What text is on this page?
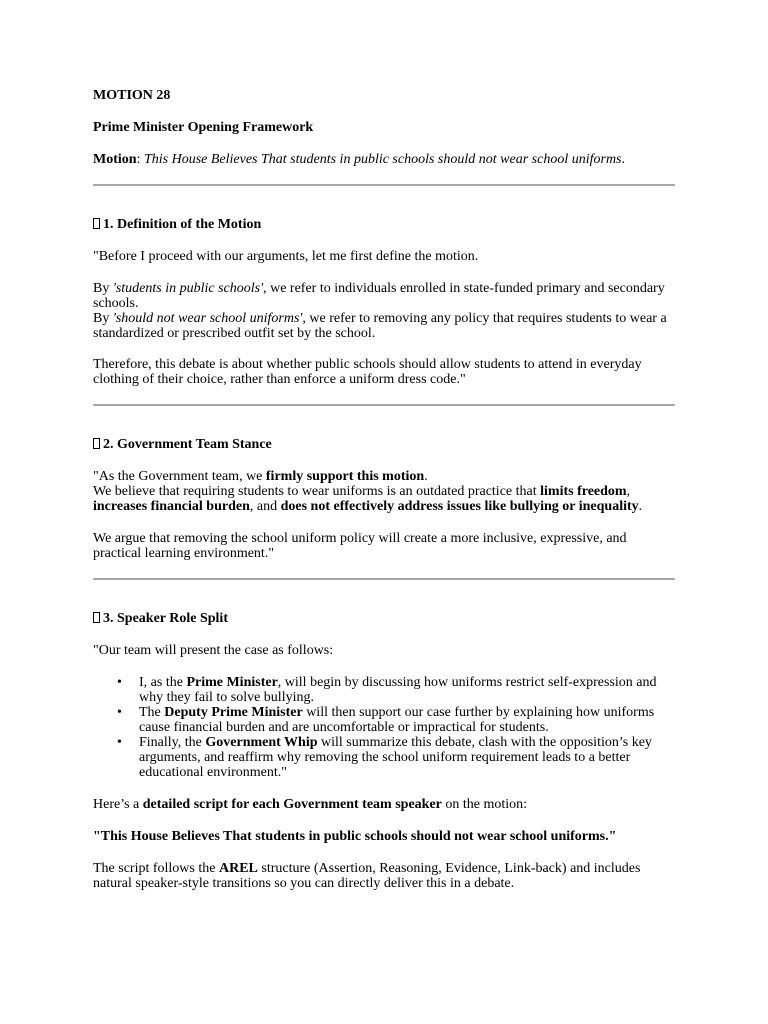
MOTION 28

Prime Minister Opening Framework

Motion: This House Believes That students in public schools should not wear school uniforms.

1. Definition of the Motion

"Before I proceed with our arguments, let me first define the motion.

By 'students in public schools', we refer to individuals enrolled in state-funded primary and secondary schools.

By 'should not wear school uniforms', we refer to removing any policy that requires students to wear a standardized or prescribed outfit set by the school.

Therefore, this debate is about whether public schools should allow students to attend in everyday clothing of their choice, rather than enforce a uniform dress code."

2. Government Team Stance

"As the Government team, we firmly support this motion.

We believe that requiring students to wear uniforms is an outdated practice that limits freedom, increases financial burden, and does not effectively address issues like bullying or inequality.

We argue that removing the school uniform policy will create a more inclusive, expressive, and practical learning environment."

3. Speaker Role Split

"Our team will present the case as follows:

• I, as the Prime Minister, will begin by discussing how uniforms restrict self-expression and why they fail to solve bullying.
• The Deputy Prime Minister will then support our case further by explaining how uniforms cause financial burden and are uncomfortable or impractical for students.
• Finally, the Government Whip will summarize this debate, clash with the opposition’s key arguments, and reaffirm why removing the school uniform requirement leads to a better educational environment."

Here’s a detailed script for each Government team speaker on the motion:

"This House Believes That students in public schools should not wear school uniforms."

The script follows the AREL structure (Assertion, Reasoning, Evidence, Link-back) and includes natural speaker-style transitions so you can directly deliver this in a debate.
